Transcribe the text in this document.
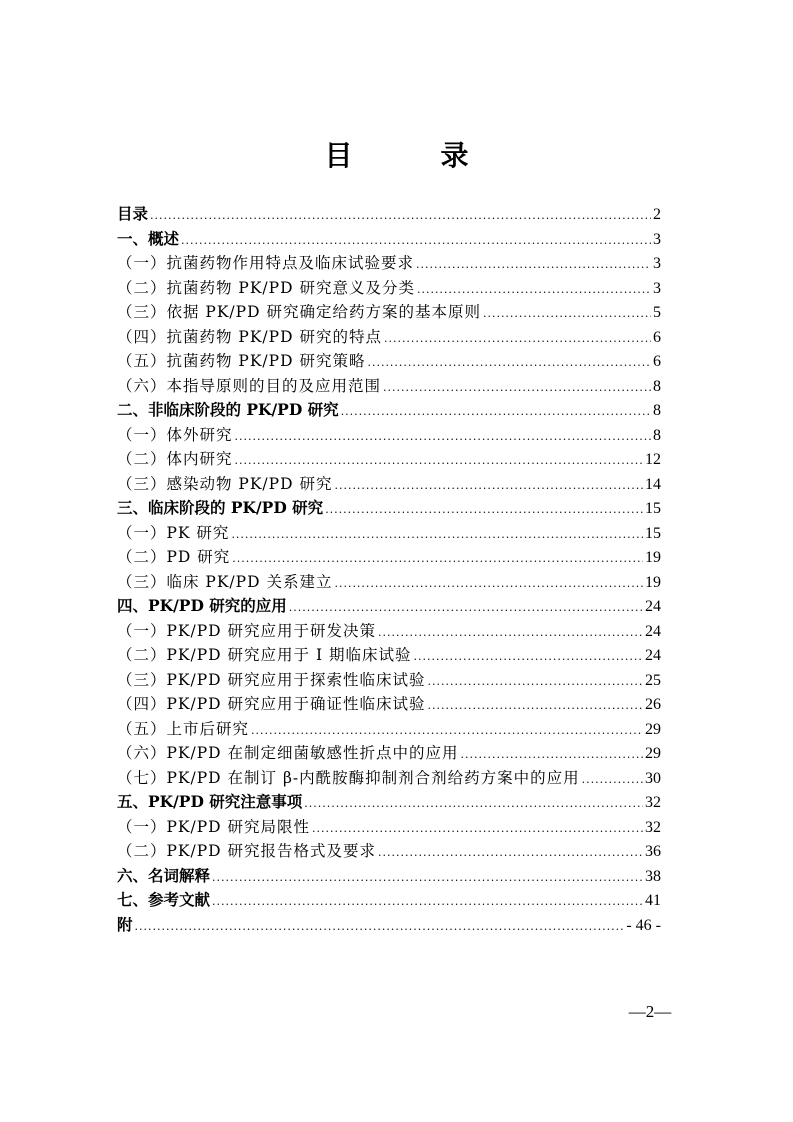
目　录
目录 .....	2
一、概述 .....	3
（一）抗菌药物作用特点及临床试验要求 .....	3
（二）抗菌药物 PK/PD 研究意义及分类 .....	3
（三）依据 PK/PD 研究确定给药方案的基本原则 .....	5
（四）抗菌药物 PK/PD 研究的特点 .....	6
（五）抗菌药物 PK/PD 研究策略 .....	6
（六）本指导原则的目的及应用范围 .....	8
二、非临床阶段的 PK/PD 研究 .....	8
（一）体外研究 .....	8
（二）体内研究 .....	12
（三）感染动物 PK/PD 研究 .....	14
三、临床阶段的 PK/PD 研究 .....	15
（一）PK 研究 .....	15
（二）PD 研究 .....	19
（三）临床 PK/PD 关系建立 .....	19
四、PK/PD 研究的应用 .....	24
（一）PK/PD 研究应用于研发决策 .....	24
（二）PK/PD 研究应用于 I 期临床试验 .....	24
（三）PK/PD 研究应用于探索性临床试验 .....	25
（四）PK/PD 研究应用于确证性临床试验 .....	26
（五）上市后研究 .....	29
（六）PK/PD 在制定细菌敏感性折点中的应用 .....	29
（七）PK/PD 在制订 β-内酰胺酶抑制剂合剂给药方案中的应用 .....	30
五、PK/PD 研究注意事项 .....	32
（一）PK/PD 研究局限性 .....	32
（二）PK/PD 研究报告格式及要求 .....	36
六、名词解释 .....	38
七、参考文献 .....	41
附 .....	- 46 -
—2—
